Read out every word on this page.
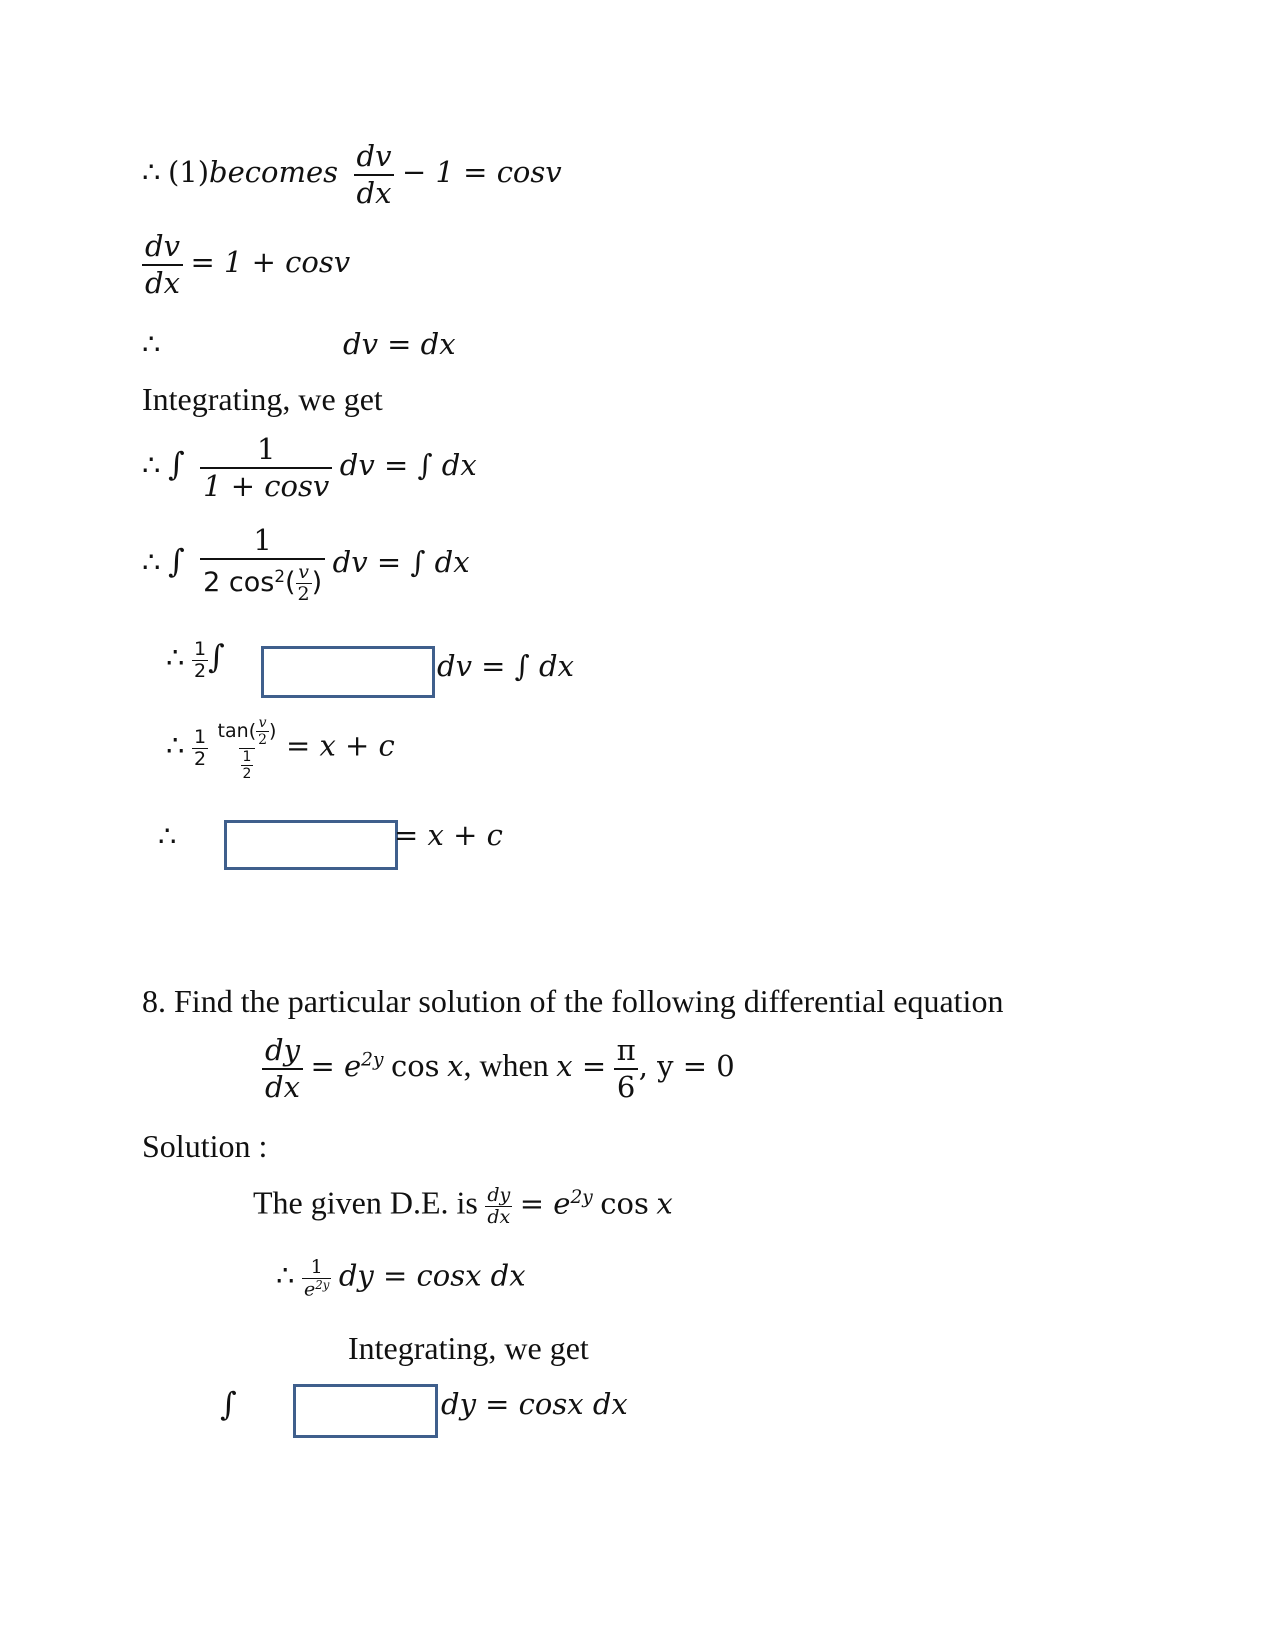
∴ (1)becomes $\frac{dv}{dx} - 1 = \cos v$
$\frac{dv}{dx} = 1 + \cos v$
∴	dv = dx
Integrating, we get
∴ ∫ $\frac{1}{1 + \cos v}$ dv = ∫ dx
∴ ∫ $\frac{1}{2 \cos^2( \frac{v}{2} )}$ dv = ∫ dx
∴ $\frac{1}{2}$ ∫	dv = ∫ dx
∴ $\frac{1}{2}$
$\frac{\tan( \frac{v}{2} )}{\frac{1}{2}} = x + c$
∴	= x + c
8. Find the particular solution of the following differential equation
$\frac{dy}{dx} = e^{2y}$ cos x, when $x = \frac{\pi}{6}$ , y = 0
Solution :
The given D.E. is $\frac{dy}{dx} = e^{2y}$ cos x
∴ $\frac{1}{e^{2y}}$ dy = cosx dx
Integrating, we get
∫	dy = cosx dx
